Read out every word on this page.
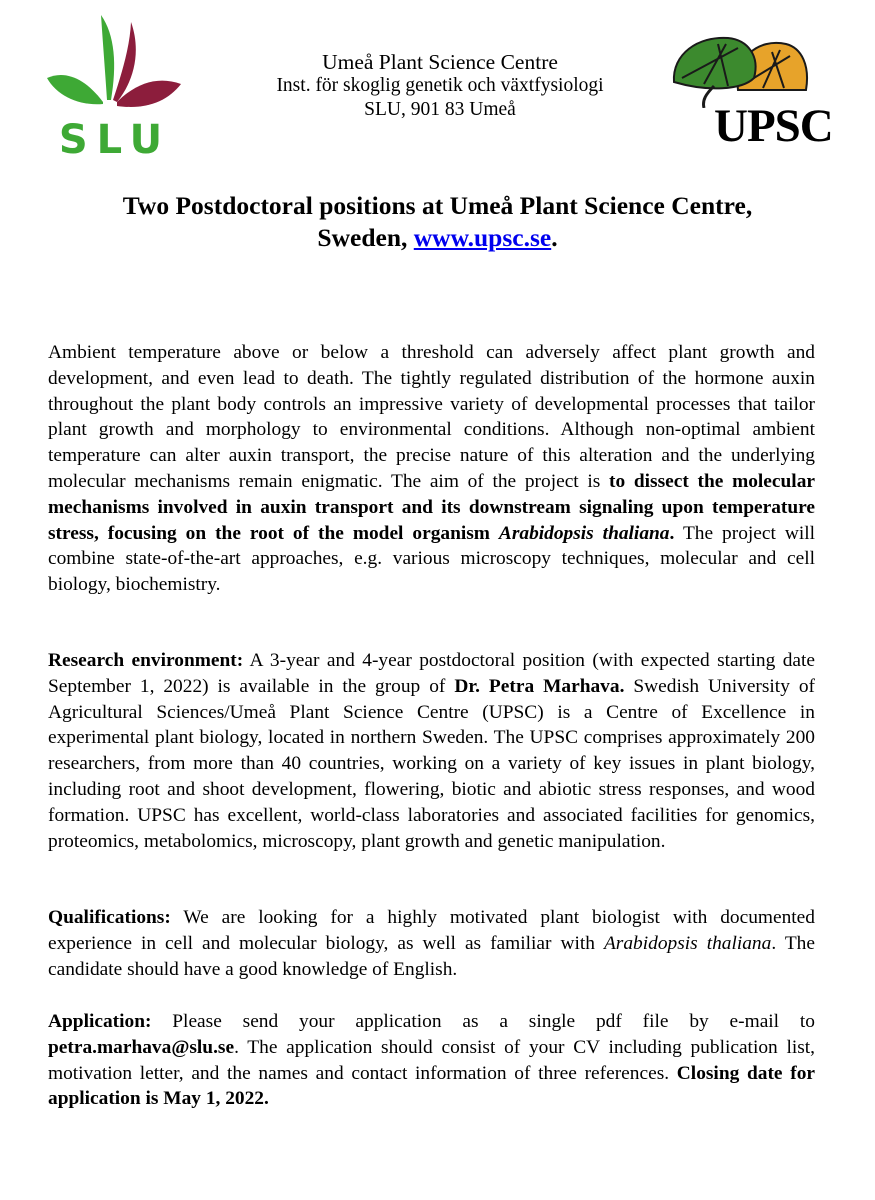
SLU
Umeå Plant Science Centre
Inst. för skoglig genetik och växtfysiologi
SLU, 901 83 Umeå	UPSC
Two Postdoctoral positions at Umeå Plant Science Centre,
Sweden, www.upsc.se.
Ambient temperature above or below a threshold can adversely affect plant growth and development, and even lead to death. The tightly regulated distribution of the hormone auxin throughout the plant body controls an impressive variety of developmental processes that tailor plant growth and morphology to environmental conditions. Although non-optimal ambient temperature can alter auxin transport, the precise nature of this alteration and the underlying molecular mechanisms remain enigmatic. The aim of the project is to dissect the molecular mechanisms involved in auxin transport and its downstream signaling upon temperature stress, focusing on the root of the model organism Arabidopsis thaliana. The project will combine state-of-the-art approaches, e.g. various microscopy techniques, molecular and cell biology, biochemistry.
Research environment: A 3-year and 4-year postdoctoral position (with expected starting date September 1, 2022) is available in the group of Dr. Petra Marhava. Swedish University of Agricultural Sciences/Umeå Plant Science Centre (UPSC) is a Centre of Excellence in experimental plant biology, located in northern Sweden. The UPSC comprises approximately 200 researchers, from more than 40 countries, working on a variety of key issues in plant biology, including root and shoot development, flowering, biotic and abiotic stress responses, and wood formation. UPSC has excellent, world-class laboratories and associated facilities for genomics, proteomics, metabolomics, microscopy, plant growth and genetic manipulation.
Qualifications: We are looking for a highly motivated plant biologist with documented experience in cell and molecular biology, as well as familiar with Arabidopsis thaliana. The candidate should have a good knowledge of English.
Application: Please send your application as a single pdf file by e-mail to petra.marhava@slu.se. The application should consist of your CV including publication list, motivation letter, and the names and contact information of three references. Closing date for application is May 1, 2022.
